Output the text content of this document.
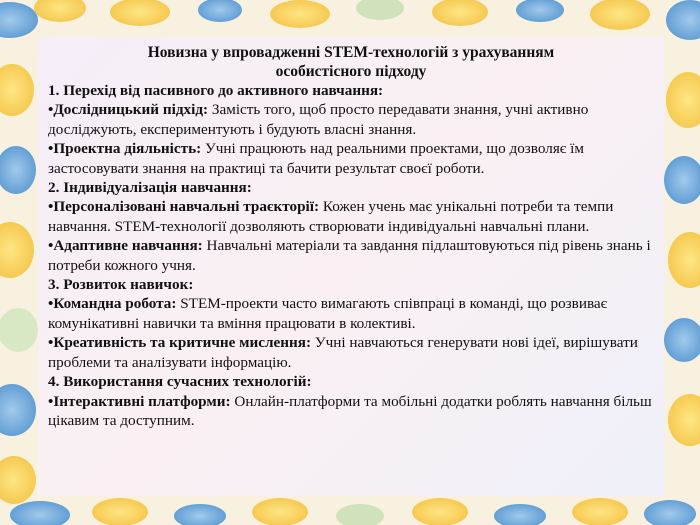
Новизна у впровадженні STEM-технологій з урахуванням
особистісного підходу

1. Перехід від пасивного до активного навчання:

•Дослідницький підхід: Замість того, щоб просто передавати знання, учні активно досліджують, експериментують і будують власні знання.

•Проектна діяльність: Учні працюють над реальними проектами, що дозволяє їм застосовувати знання на практиці та бачити результат своєї роботи.

2. Індивідуалізація навчання:

•Персоналізовані навчальні траєкторії: Кожен учень має унікальні потреби та темпи навчання. STEM-технології дозволяють створювати індивідуальні навчальні плани.

•Адаптивне навчання: Навчальні матеріали та завдання підлаштовуються під рівень знань і потреби кожного учня.

3. Розвиток навичок:

•Командна робота: STEM-проекти часто вимагають співпраці в команді, що розвиває комунікативні навички та вміння працювати в колективі.

•Креативність та критичне мислення: Учні навчаються генерувати нові ідеї, вирішувати проблеми та аналізувати інформацію.

4. Використання сучасних технологій:

•Інтерактивні платформи: Онлайн-платформи та мобільні додатки роблять навчання більш цікавим та доступним.
